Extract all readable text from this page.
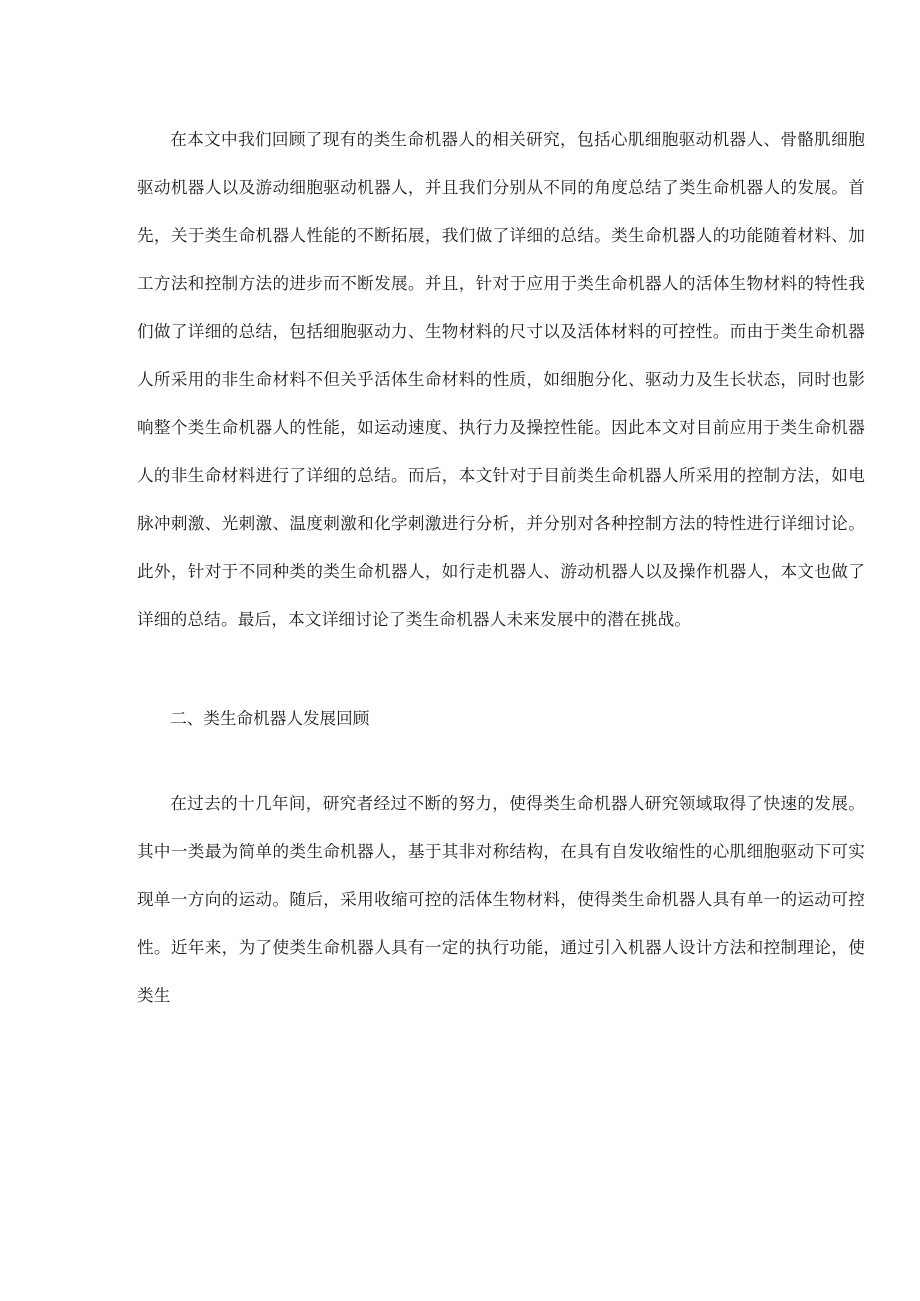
在本文中我们回顾了现有的类生命机器人的相关研究，包括心肌细胞驱动机器人、骨骼肌细胞驱动机器人以及游动细胞驱动机器人，并且我们分别从不同的角度总结了类生命机器人的发展。首先，关于类生命机器人性能的不断拓展，我们做了详细的总结。类生命机器人的功能随着材料、加工方法和控制方法的进步而不断发展。并且，针对于应用于类生命机器人的活体生物材料的特性我们做了详细的总结，包括细胞驱动力、生物材料的尺寸以及活体材料的可控性。而由于类生命机器人所采用的非生命材料不但关乎活体生命材料的性质，如细胞分化、驱动力及生长状态，同时也影响整个类生命机器人的性能，如运动速度、执行力及操控性能。因此本文对目前应用于类生命机器人的非生命材料进行了详细的总结。而后，本文针对于目前类生命机器人所采用的控制方法，如电脉冲刺激、光刺激、温度刺激和化学刺激进行分析，并分别对各种控制方法的特性进行详细讨论。此外，针对于不同种类的类生命机器人，如行走机器人、游动机器人以及操作机器人，本文也做了详细的总结。最后，本文详细讨论了类生命机器人未来发展中的潜在挑战。

二、类生命机器人发展回顾

在过去的十几年间，研究者经过不断的努力，使得类生命机器人研究领域取得了快速的发展。其中一类最为简单的类生命机器人，基于其非对称结构，在具有自发收缩性的心肌细胞驱动下可实现单一方向的运动。随后，采用收缩可控的活体生物材料，使得类生命机器人具有单一的运动可控性。近年来，为了使类生命机器人具有一定的执行功能，通过引入机器人设计方法和控制理论，使类生
